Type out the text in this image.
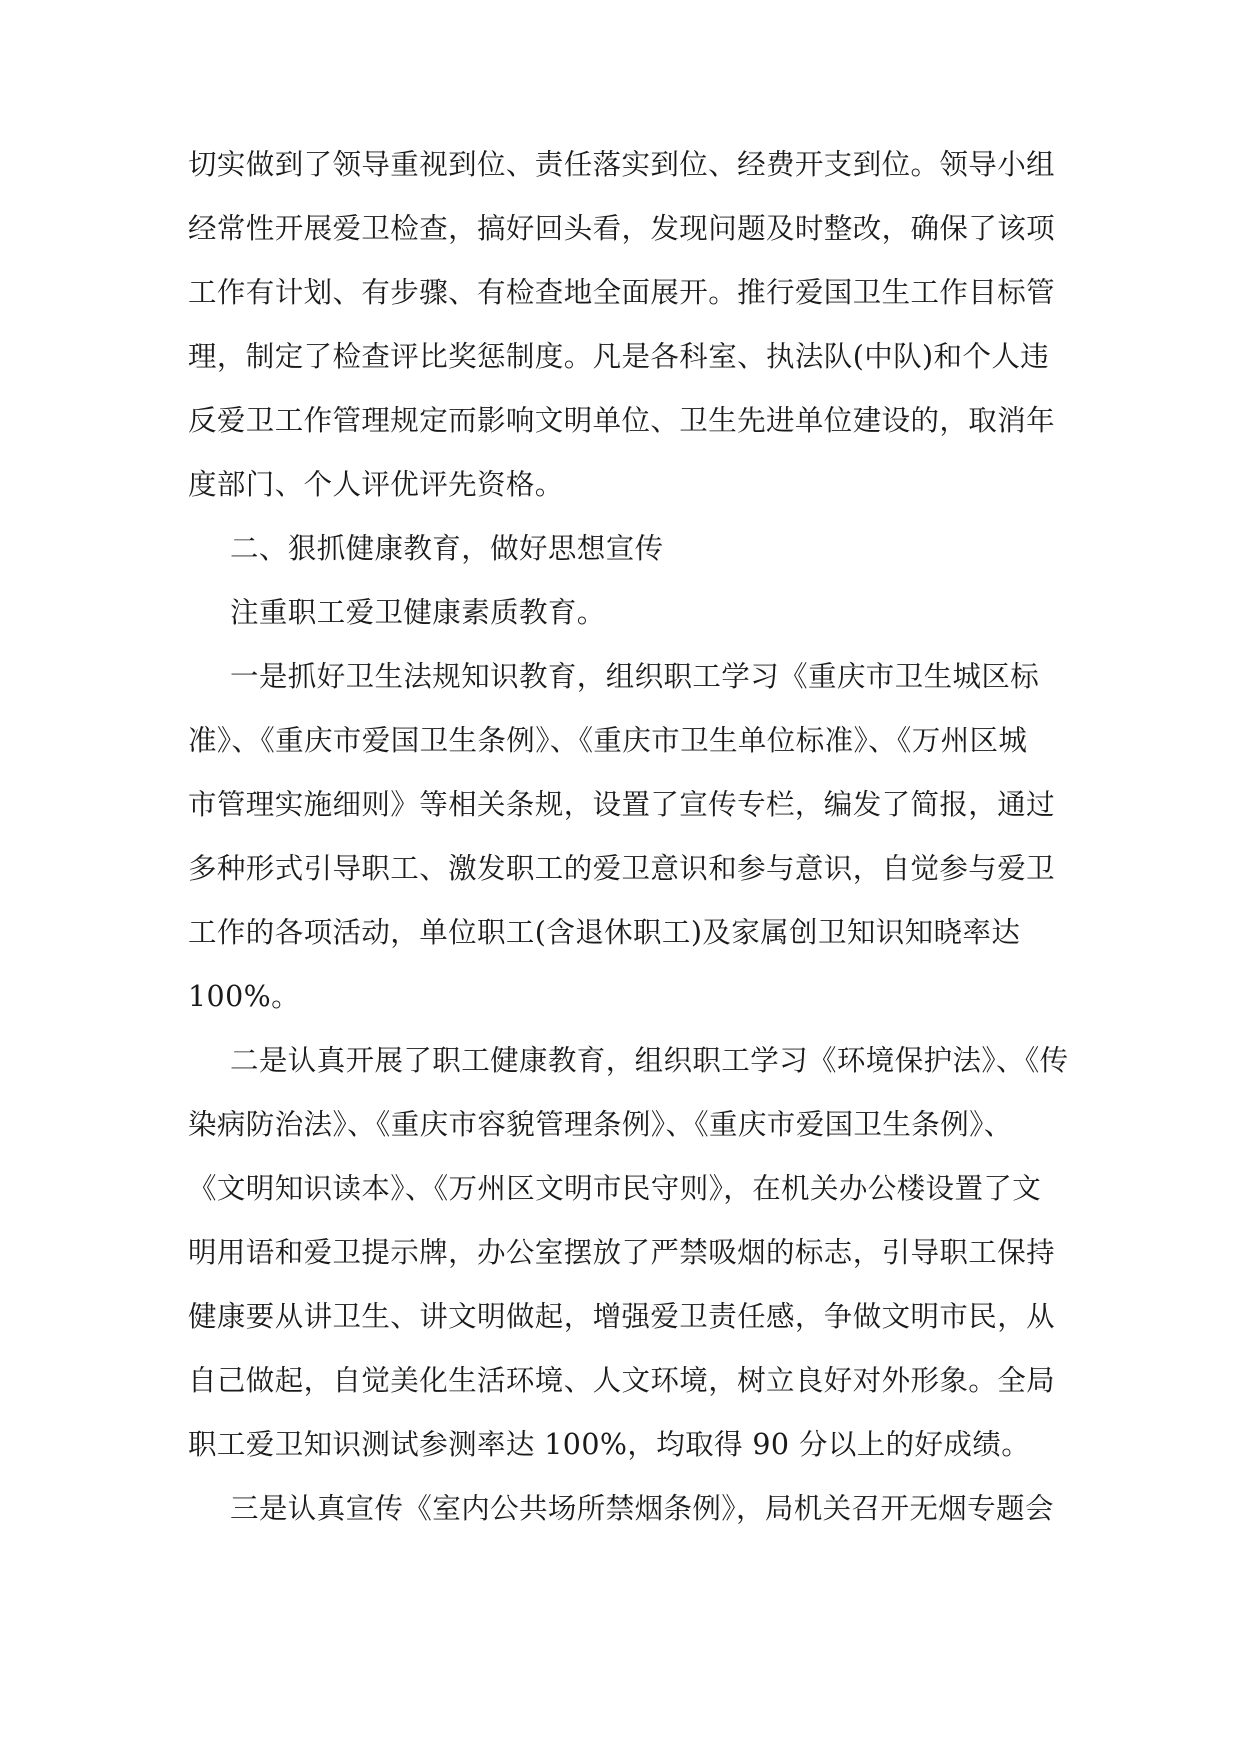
切实做到了领导重视到位、责任落实到位、经费开支到位。领导小组
经常性开展爱卫检查，搞好回头看，发现问题及时整改，确保了该项
工作有计划、有步骤、有检查地全面展开。推行爱国卫生工作目标管
理，制定了检查评比奖惩制度。凡是各科室、执法队(中队)和个人违
反爱卫工作管理规定而影响文明单位、卫生先进单位建设的，取消年
度部门、个人评优评先资格。
二、狠抓健康教育，做好思想宣传
注重职工爱卫健康素质教育。
一是抓好卫生法规知识教育，组织职工学习《重庆市卫生城区标
准》、《重庆市爱国卫生条例》、《重庆市卫生单位标准》、《万州区城
市管理实施细则》等相关条规，设置了宣传专栏，编发了简报，通过
多种形式引导职工、激发职工的爱卫意识和参与意识，自觉参与爱卫
工作的各项活动，单位职工(含退休职工)及家属创卫知识知晓率达
100%。
二是认真开展了职工健康教育，组织职工学习《环境保护法》、《传
染病防治法》、《重庆市容貌管理条例》、《重庆市爱国卫生条例》、
《文明知识读本》、《万州区文明市民守则》，在机关办公楼设置了文
明用语和爱卫提示牌，办公室摆放了严禁吸烟的标志，引导职工保持
健康要从讲卫生、讲文明做起，增强爱卫责任感，争做文明市民，从
自己做起，自觉美化生活环境、人文环境，树立良好对外形象。全局
职工爱卫知识测试参测率达 100%，均取得 90 分以上的好成绩。
三是认真宣传《室内公共场所禁烟条例》，局机关召开无烟专题会
